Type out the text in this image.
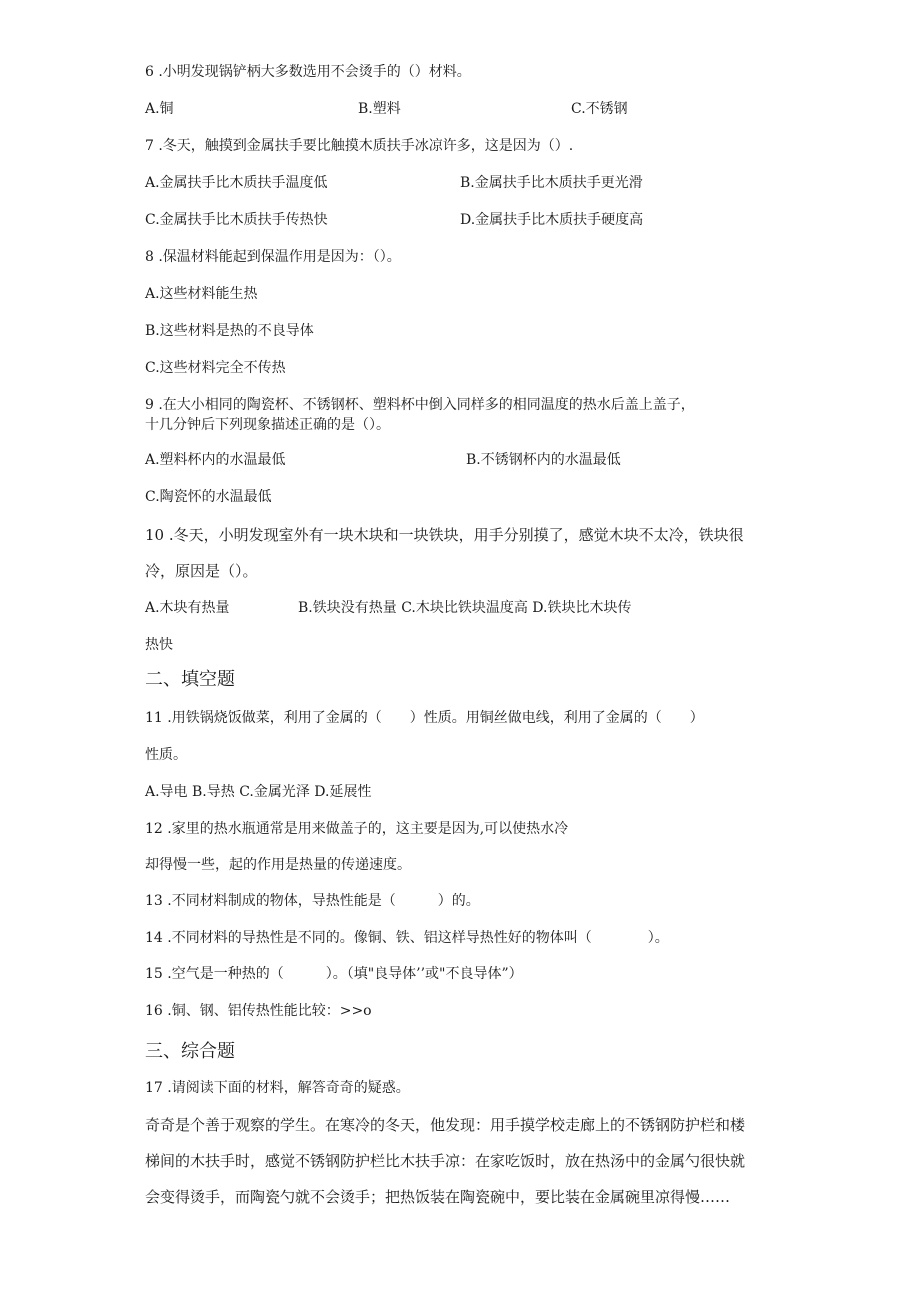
6 .小明发现锅铲柄大多数选用不会烫手的（）材料。
A.铜	B.塑料	C.不锈钢
7 .冬天，触摸到金属扶手要比触摸木质扶手冰凉许多，这是因为（）.
A.金属扶手比木质扶手温度低	B.金属扶手比木质扶手更光滑
C.金属扶手比木质扶手传热快	D.金属扶手比木质扶手硬度高
8 .保温材料能起到保温作用是因为：（）。
A.这些材料能生热
B.这些材料是热的不良导体
C.这些材料完全不传热
9 .在大小相同的陶瓷杯、不锈钢杯、塑料杯中倒入同样多的相同温度的热水后盖上盖子，
十几分钟后下列现象描述正确的是（）。
A.塑料杯内的水温最低	B.不锈钢杯内的水温最低
C.陶瓷怀的水温最低
10 .冬天，小明发现室外有一块木块和一块铁块，用手分别摸了，感觉木块不太冷，铁块很
冷，原因是（）。
A.木块有热量	B.铁块没有热量 C.木块比铁块温度高 D.铁块比木块传
热快
二、填空题
11 .用铁锅烧饭做菜，利用了金属的（　　）性质。用铜丝做电线，利用了金属的（　　）
性质。
A.导电 B.导热 C.金属光泽 D.延展性
12 .家里的热水瓶通常是用来做盖子的，这主要是因为,可以使热水冷
却得慢一些，起的作用是热量的传递速度。
13 .不同材料制成的物体，导热性能是（　　　）的。
14 .不同材料的导热性是不同的。像铜、铁、铝这样导热性好的物体叫（　　　　）。
15 .空气是一种热的（　　　）。（填"良导体’’或"不良导体”）
16 .铜、钢、铝传热性能比较：>>o
三、综合题
17 .请阅读下面的材料，解答奇奇的疑惑。
奇奇是个善于观察的学生。在寒冷的冬天，他发现：用手摸学校走廊上的不锈钢防护栏和楼
梯间的木扶手时，感觉不锈钢防护栏比木扶手凉：在家吃饭时，放在热汤中的金属勺很快就
会变得烫手，而陶瓷勺就不会烫手；把热饭装在陶瓷碗中，要比装在金属碗里凉得慢……
